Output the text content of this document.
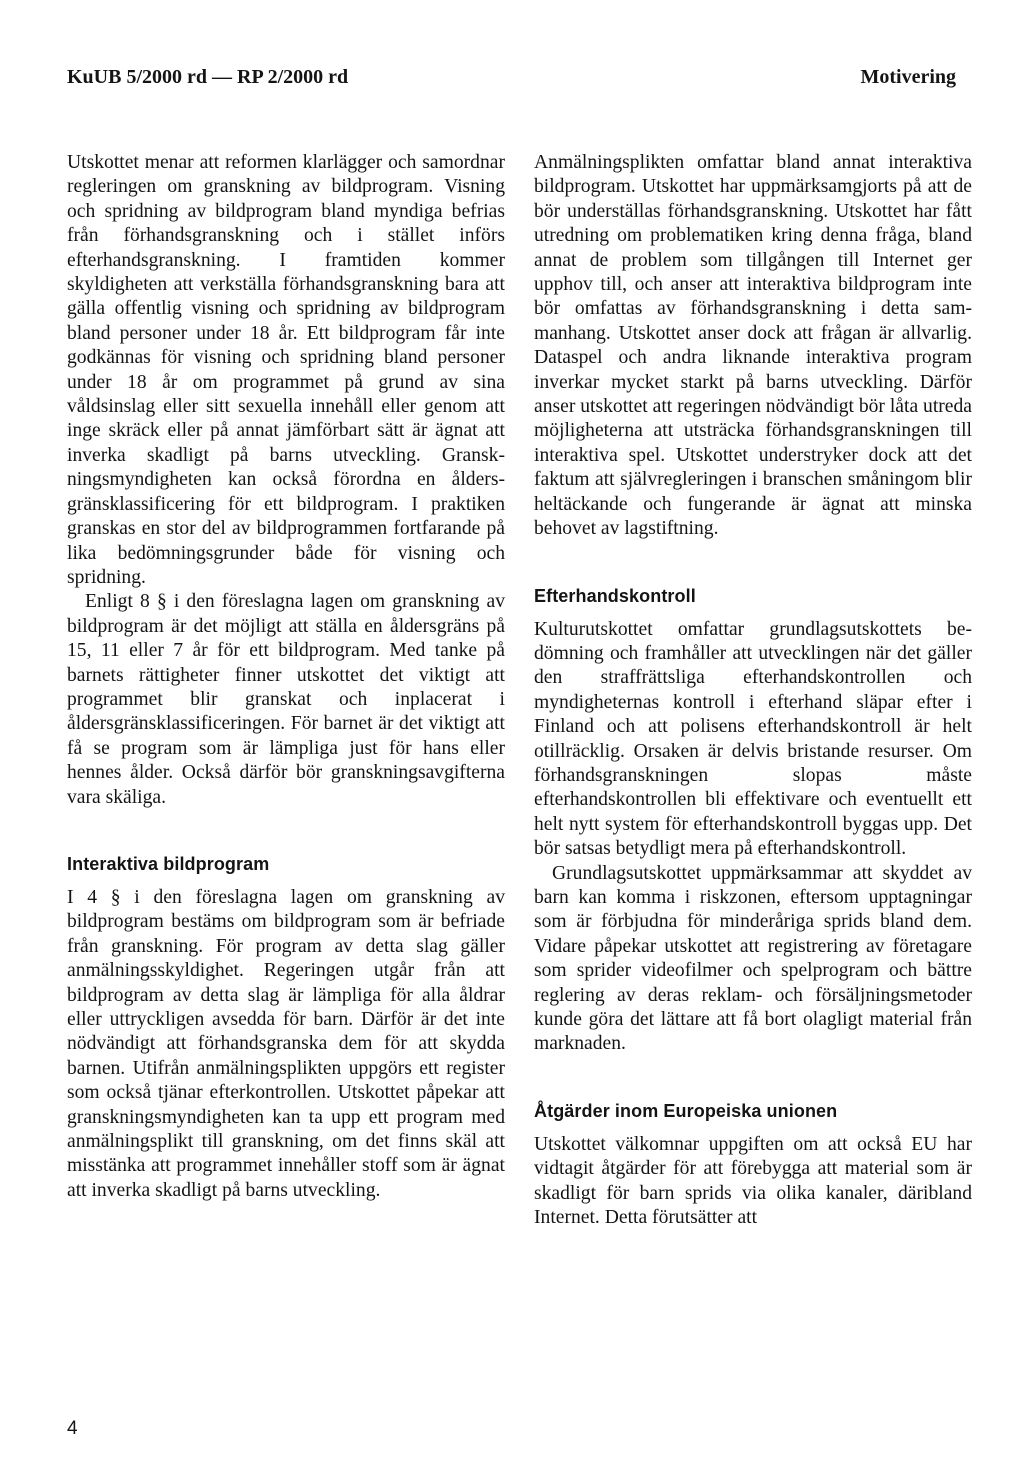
KuUB 5/2000 rd — RP 2/2000 rd	Motivering

Utskottet menar att reformen klarlägger och samordnar regleringen om granskning av bildprogram. Visning och spridning av bildprogram bland myndiga befrias från förhandsgranskning och i stället införs efterhandsgranskning. I framtiden kommer skyldigheten att verkställa förhandsgranskning bara att gälla offentlig visning och spridning av bildprogram bland personer under 18 år. Ett bildprogram får inte godkännas för visning och spridning bland personer under 18 år om programmet på grund av sina våldsinslag eller sitt sexuella innehåll eller genom att inge skräck eller på annat jämförbart sätt är ägnat att inverka skadligt på barns utveckling. Granskningsmyndigheten kan också förordna en åldersgränsklassificering för ett bildprogram. I praktiken granskas en stor del av bildprogrammen fortfarande på lika bedömningsgrunder både för visning och spridning.

Enligt 8 § i den föreslagna lagen om granskning av bildprogram är det möjligt att ställa en åldersgräns på 15, 11 eller 7 år för ett bildprogram. Med tanke på barnets rättigheter finner utskottet det viktigt att programmet blir granskat och inplacerat i åldersgränsklassificeringen. För barnet är det viktigt att få se program som är lämpliga just för hans eller hennes ålder. Också därför bör granskningsavgifterna vara skäliga.

Interaktiva bildprogram

I 4 § i den föreslagna lagen om granskning av bildprogram bestäms om bildprogram som är befriade från granskning. För program av detta slag gäller anmälningsskyldighet. Regeringen utgår från att bildprogram av detta slag är lämpliga för alla åldrar eller uttryckligen avsedda för barn. Därför är det inte nödvändigt att förhandsgranska dem för att skydda barnen. Utifrån anmälningsplikten uppgörs ett register som också tjänar efterkontrollen. Utskottet påpekar att granskningsmyndigheten kan ta upp ett program med anmälningsplikt till granskning, om det finns skäl att misstänka att programmet innehåller stoff som är ägnat att inverka skadligt på barns utveckling.

Anmälningsplikten omfattar bland annat interaktiva bildprogram. Utskottet har uppmärksamgjorts på att de bör underställas förhandsgranskning. Utskottet har fått utredning om problematiken kring denna fråga, bland annat de problem som tillgången till Internet ger upphov till, och anser att interaktiva bildprogram inte bör omfattas av förhandsgranskning i detta sammanhang. Utskottet anser dock att frågan är allvarlig. Dataspel och andra liknande interaktiva program inverkar mycket starkt på barns utveckling. Därför anser utskottet att regeringen nödvändigt bör låta utreda möjligheterna att utsträcka förhandsgranskningen till interaktiva spel. Utskottet understryker dock att det faktum att självregleringen i branschen småningom blir heltäckande och fungerande är ägnat att minska behovet av lagstiftning.

Efterhandskontroll

Kulturutskottet omfattar grundlagsutskottets bedömning och framhåller att utvecklingen när det gäller den straffrättsliga efterhandskontrollen och myndigheternas kontroll i efterhand släpar efter i Finland och att polisens efterhandskontroll är helt otillräcklig. Orsaken är delvis bristande resurser. Om förhandsgranskningen slopas måste efterhandskontrollen bli effektivare och eventuellt ett helt nytt system för efterhandskontroll byggas upp. Det bör satsas betydligt mera på efterhandskontroll.

Grundlagsutskottet uppmärksammar att skyddet av barn kan komma i riskzonen, eftersom upptagningar som är förbjudna för minderåriga sprids bland dem. Vidare påpekar utskottet att registrering av företagare som sprider videofilmer och spelprogram och bättre reglering av deras reklam- och försäljningsmetoder kunde göra det lättare att få bort olagligt material från marknaden.

Åtgärder inom Europeiska unionen

Utskottet välkomnar uppgiften om att också EU har vidtagit åtgärder för att förebygga att material som är skadligt för barn sprids via olika kanaler, däribland Internet. Detta förutsätter att

4
